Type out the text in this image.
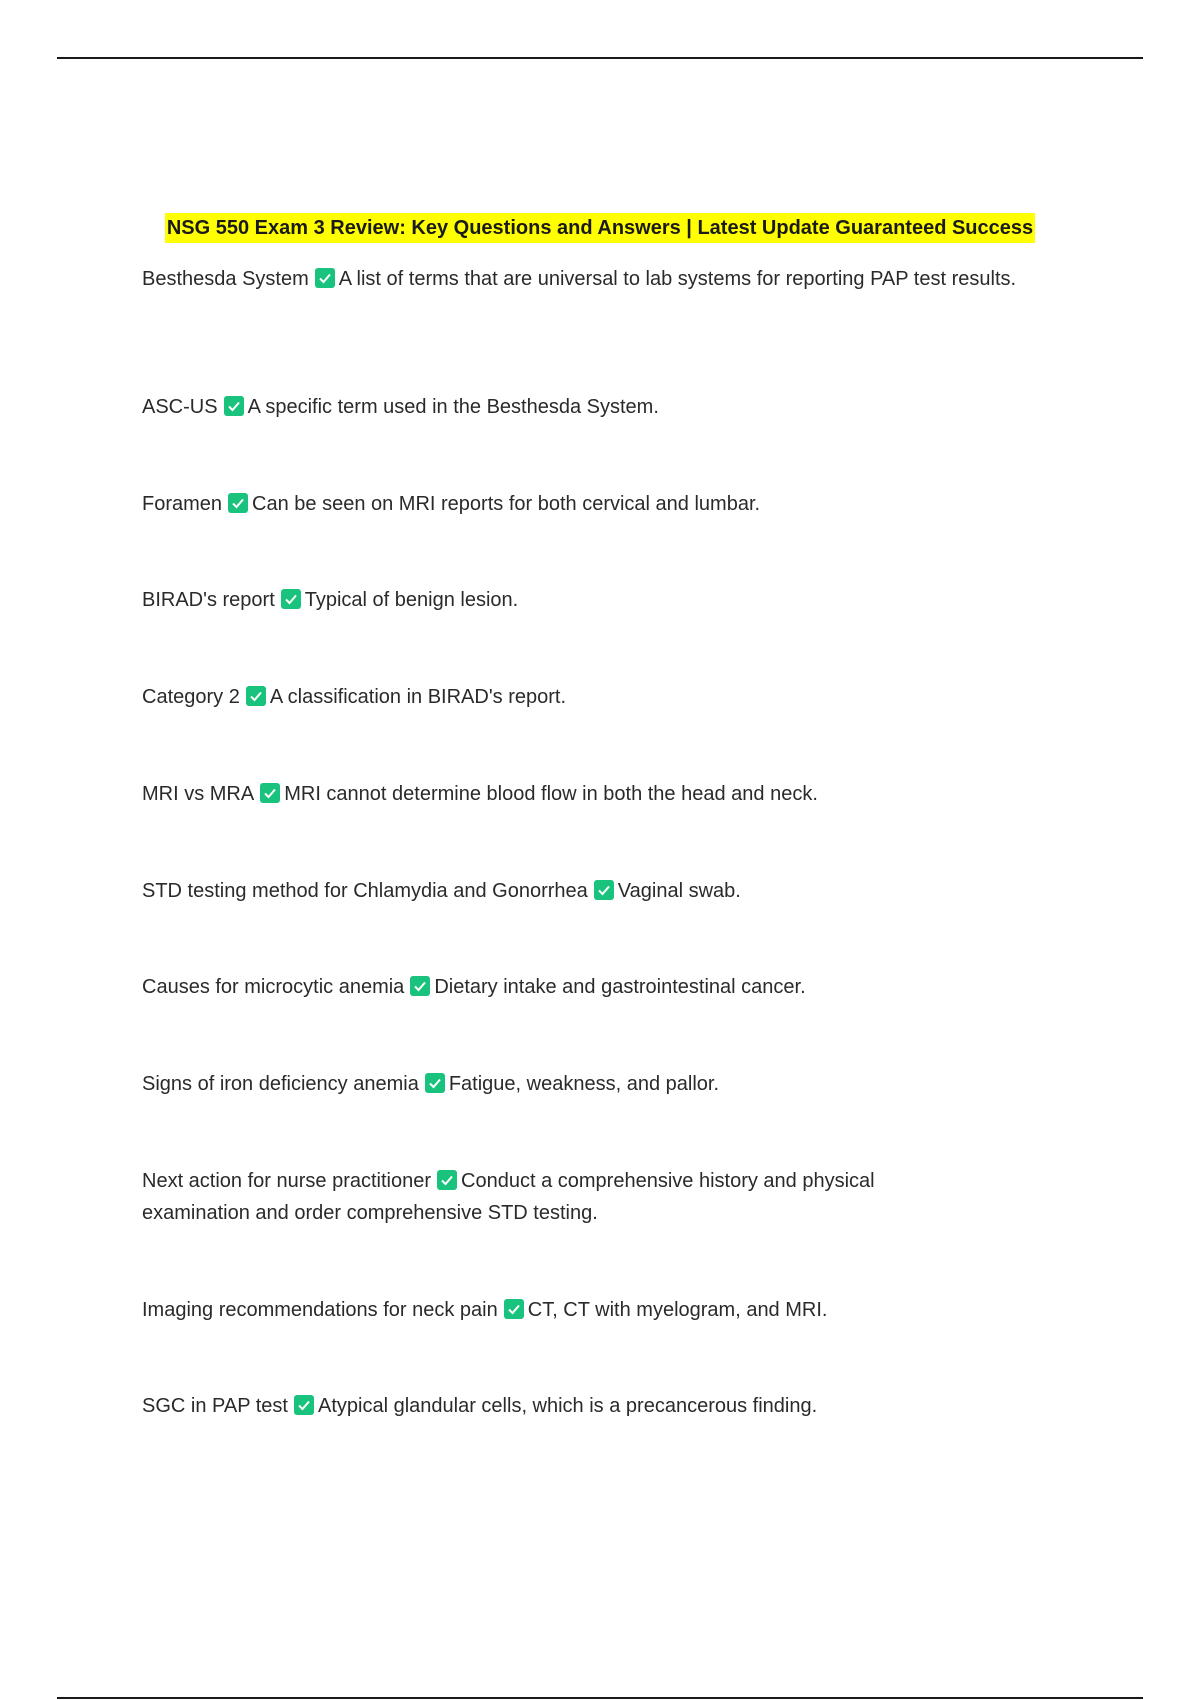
NSG 550 Exam 3 Review: Key Questions and Answers | Latest Update Guaranteed Success
Besthesda System A list of terms that are universal to lab systems for reporting PAP test results.
ASC-US A specific term used in the Besthesda System.
Foramen Can be seen on MRI reports for both cervical and lumbar.
BIRAD's report Typical of benign lesion.
Category 2 A classification in BIRAD's report.
MRI vs MRA MRI cannot determine blood flow in both the head and neck.
STD testing method for Chlamydia and Gonorrhea Vaginal swab.
Causes for microcytic anemia Dietary intake and gastrointestinal cancer.
Signs of iron deficiency anemia Fatigue, weakness, and pallor.
Next action for nurse practitioner Conduct a comprehensive history and physical examination and order comprehensive STD testing.
Imaging recommendations for neck pain CT, CT with myelogram, and MRI.
SGC in PAP test Atypical glandular cells, which is a precancerous finding.
